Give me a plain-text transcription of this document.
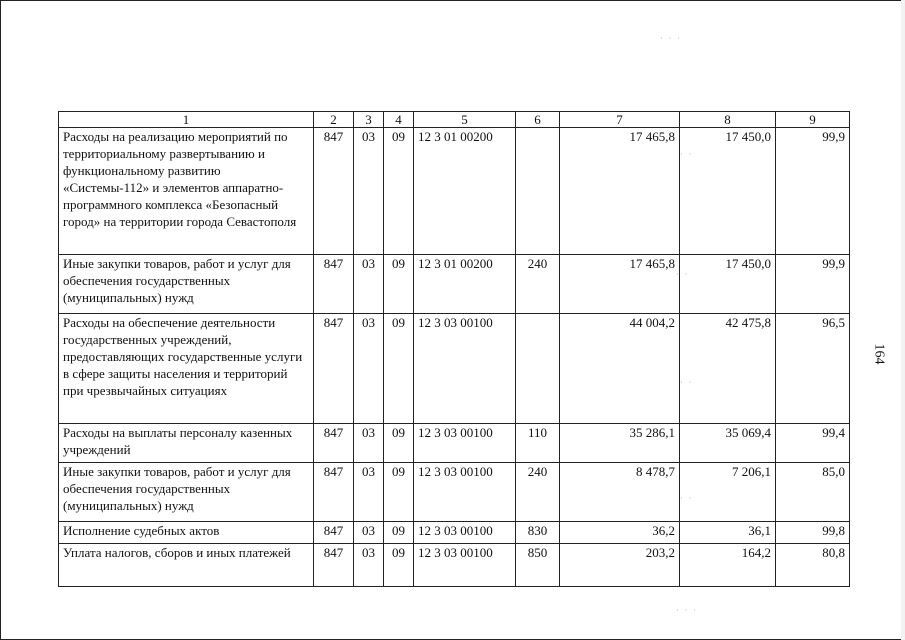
1	2	3	4	5	6	7	8	9
Расходы на реализацию мероприятий по территориальному развертыванию и функциональному развитию «Системы-112» и элементов аппаратно-программного комплекса «Безопасный город» на территории города Севастополя	847	03	09	12 3 01 00200		17 465,8	17 450,0	99,9
Иные закупки товаров, работ и услуг для обеспечения государственных (муниципальных) нужд	847	03	09	12 3 01 00200	240	17 465,8	17 450,0	99,9
Расходы на обеспечение деятельности государственных учреждений, предоставляющих государственные услуги в сфере защиты населения и территорий при чрезвычайных ситуациях	847	03	09	12 3 03 00100		44 004,2	42 475,8	96,5
Расходы на выплаты персоналу казенных учреждений	847	03	09	12 3 03 00100	110	35 286,1	35 069,4	99,4
Иные закупки товаров, работ и услуг для обеспечения государственных (муниципальных) нужд	847	03	09	12 3 03 00100	240	8 478,7	7 206,1	85,0
Исполнение судебных актов	847	03	09	12 3 03 00100	830	36,2	36,1	99,8
Уплата налогов, сборов и иных платежей	847	03	09	12 3 03 00100	850	203,2	164,2	80,8
164
· · ·
· ·
· ·
· ·
· ·
· · ·
